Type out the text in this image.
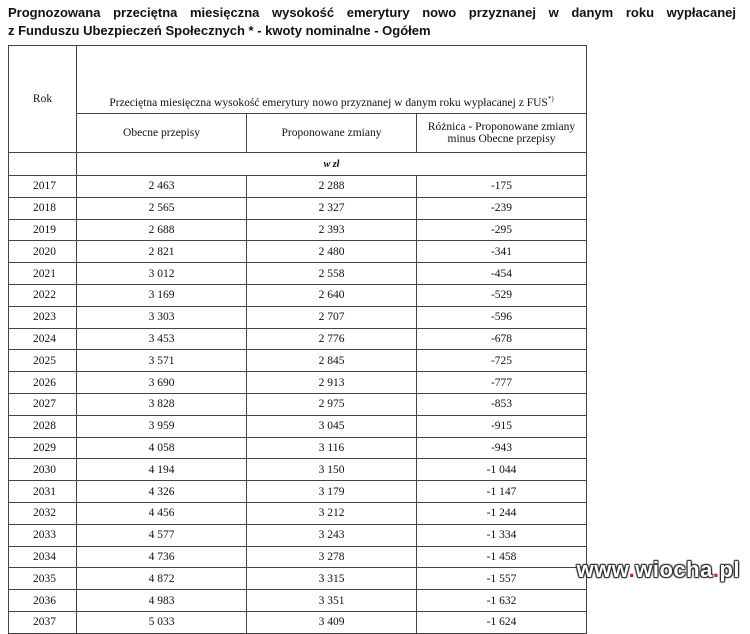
Prognozowana przeciętna miesięczna wysokość emerytury nowo przyznanej w danym roku wypłacanej
z Funduszu Ubezpieczeń Społecznych * - kwoty nominalne - Ogółem
Rok	Przeciętna miesięczna wysokość emerytury nowo przyznanej w danym roku wypłacanej z FUS*)
	Obecne przepisy	Proponowane zmiany	Różnica - Proponowane zmiany minus Obecne przepisy
	w zł		
2017	2 463	2 288	-175
2018	2 565	2 327	-239
2019	2 688	2 393	-295
2020	2 821	2 480	-341
2021	3 012	2 558	-454
2022	3 169	2 640	-529
2023	3 303	2 707	-596
2024	3 453	2 776	-678
2025	3 571	2 845	-725
2026	3 690	2 913	-777
2027	3 828	2 975	-853
2028	3 959	3 045	-915
2029	4 058	3 116	-943
2030	4 194	3 150	-1 044
2031	4 326	3 179	-1 147
2032	4 456	3 212	-1 244
2033	4 577	3 243	-1 334
2034	4 736	3 278	-1 458
2035	4 872	3 315	-1 557
2036	4 983	3 351	-1 632
2037	5 033	3 409	-1 624
www.wiocha.pl
